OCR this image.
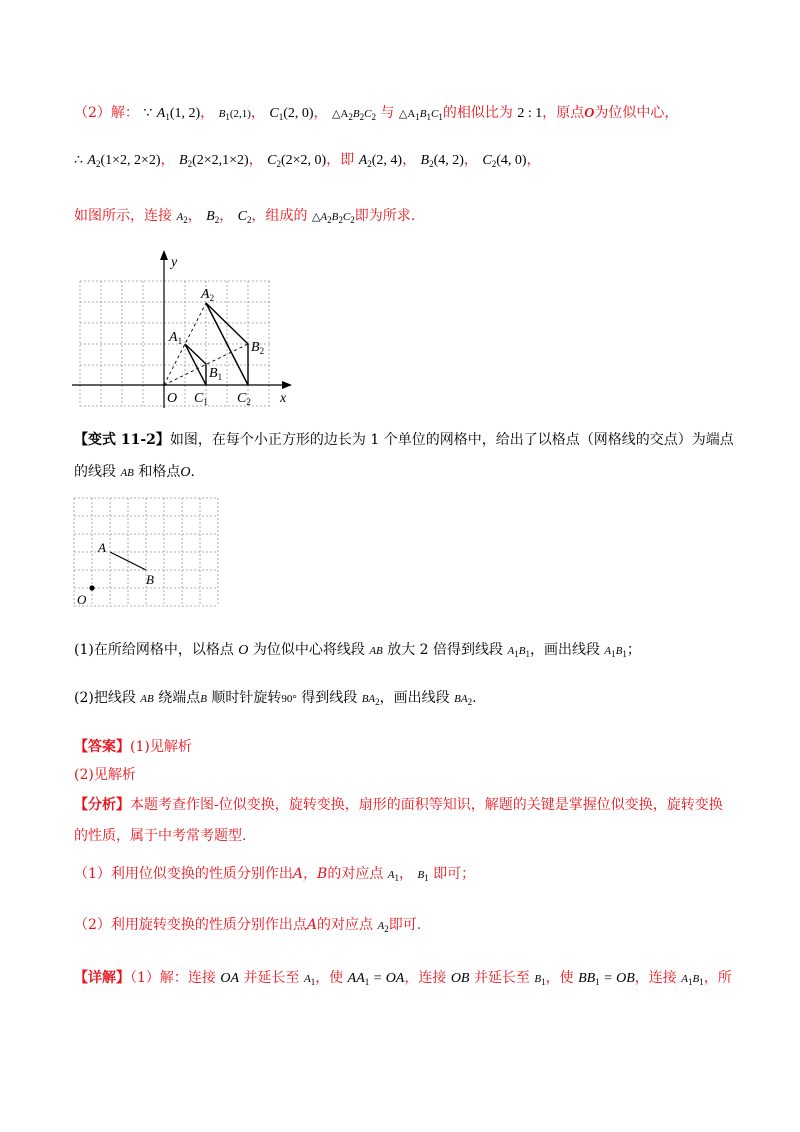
（2）解： ∵ $A_1(1$, 2)， $B_1(2,1)$， $C_1(2$, 0)， $\triangle A_2B_2C_2$ 与 $\triangle A_1B_1C_1$的相似比为 2 : 1，原点O为位似中心，
∴ $A_2(1\times 2$, 2×2)， $B_2(2\times 2,1\times 2)$， $C_2(2\times 2$, 0)，即 $A_2(2$, 4)， $B_2(4$, 2)， $C_2(4$, 0)，
如图所示，连接 $A_2$， $B_2$， $C_2$，组成的 $\triangle A_2B_2C_2$即为所求.
y
x
O
$A_2$
$A_1$	$B_2$
$B_1$
$C_1$ $C_2$
【变式 11-2】如图，在每个小正方形的边长为 1 个单位的网格中，给出了以格点（网格线的交点）为端点
的线段 AB 和格点O.
A
B
O
(1)在所给网格中，以格点 O 为位似中心将线段 AB 放大 2 倍得到线段 $A_1B_1$，画出线段 $A_1B_1$；
(2)把线段 AB 绕端点B 顺时针旋转90° 得到线段 $BA_2$，画出线段 $BA_2$.
【答案】(1)见解析
(2)见解析
【分析】本题考查作图-位似变换，旋转变换，扇形的面积等知识，解题的关键是掌握位似变换，旋转变换
的性质，属于中考常考题型.
（1）利用位似变换的性质分别作出A，B的对应点 $A_1$， $B_1$ 即可；
（2）利用旋转变换的性质分别作出点A的对应点 $A_2$即可.
【详解】（1）解：连接 OA 并延长至 $A_1$，使 $AA_1$ = OA，连接 OB 并延长至 $B_1$，使 $BB_1$ = OB，连接 $A_1B_1$，所
